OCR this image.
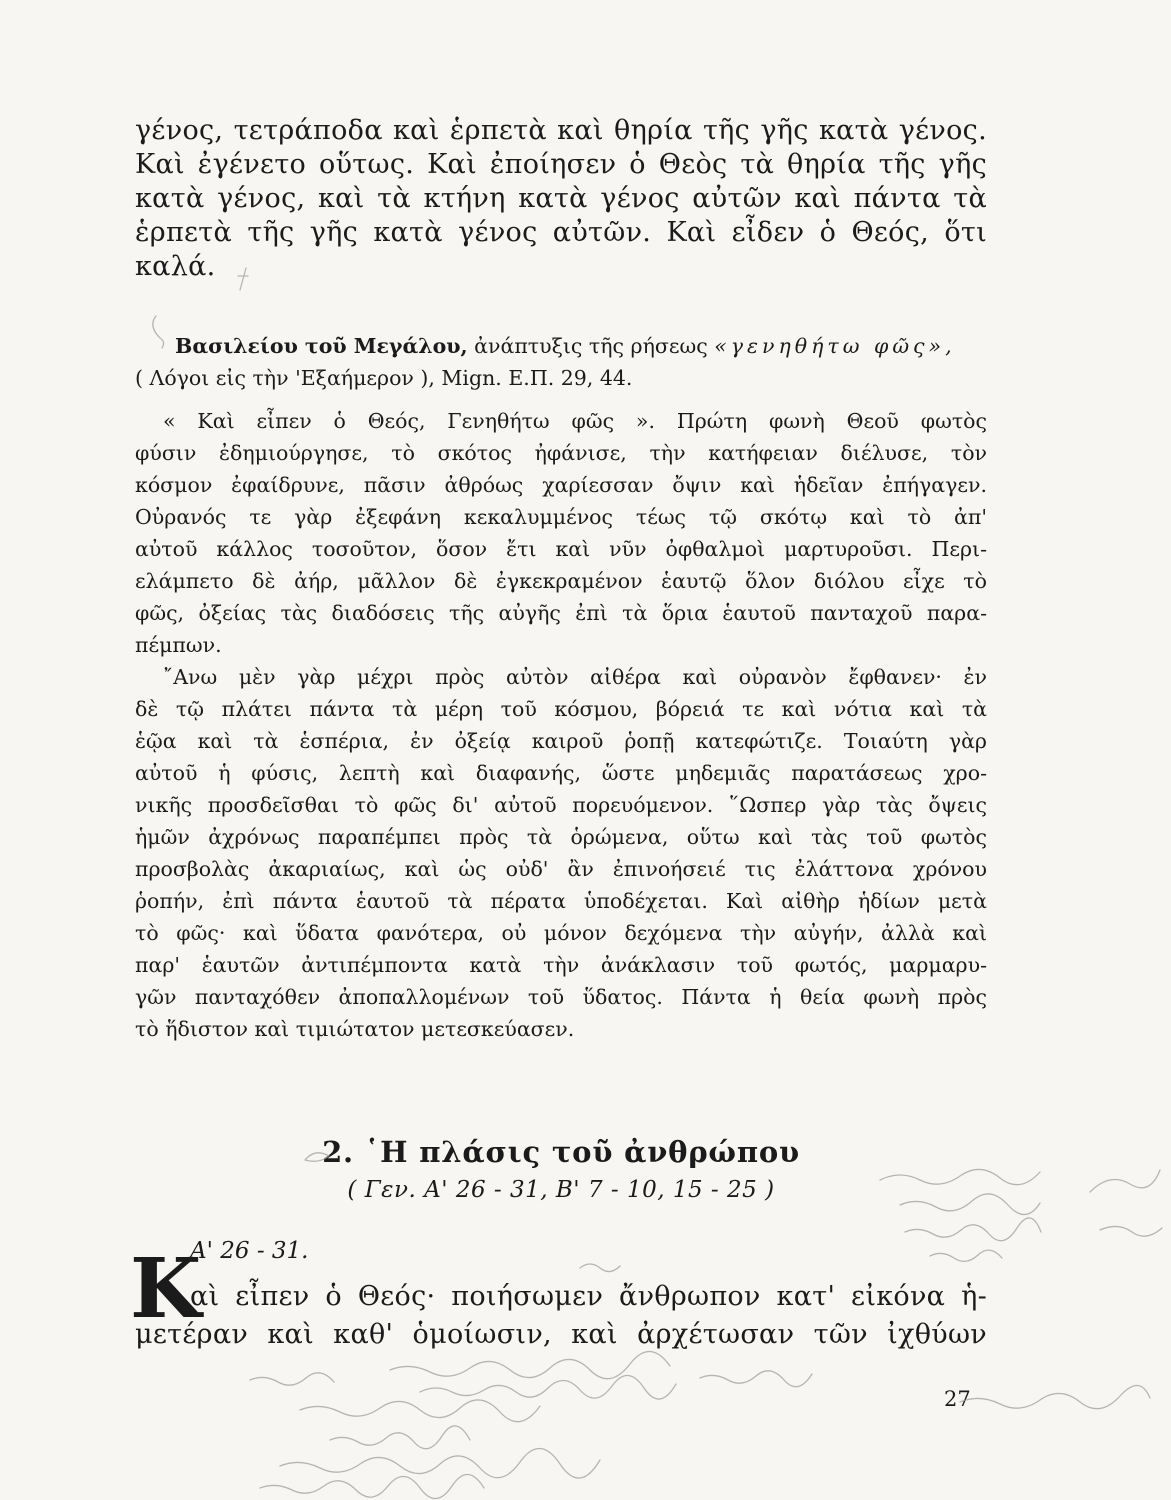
γένος, τετράποδα καὶ ἑρπετὰ καὶ θηρία τῆς γῆς κατὰ γένος.
Καὶ ἐγένετο οὕτως. Καὶ ἐποίησεν ὁ Θεὸς τὰ θηρία τῆς γῆς
κατὰ γένος, καὶ τὰ κτήνη κατὰ γένος αὐτῶν καὶ πάντα τὰ
ἑρπετὰ τῆς γῆς κατὰ γένος αὐτῶν. Καὶ εἶδεν ὁ Θεός, ὅτι
καλά.

Βασιλείου τοῦ Μεγάλου, ἀνάπτυξις τῆς ρήσεως «γενηθήτω φῶς»,
( Λόγοι εἰς τὴν 'Εξαήμερον ), Mign. E.Π. 29, 44.

« Καὶ εἶπεν ὁ Θεός, Γενηθήτω φῶς ». Πρώτη φωνὴ Θεοῦ φωτὸς
φύσιν ἐδημιούργησε, τὸ σκότος ἠφάνισε, τὴν κατήφειαν διέλυσε, τὸν
κόσμον ἐφαίδρυνε, πᾶσιν ἀθρόως χαρίεσσαν ὄψιν καὶ ἡδεῖαν ἐπήγαγεν.
Οὐρανός τε γὰρ ἐξεφάνη κεκαλυμμένος τέως τῷ σκότῳ καὶ τὸ ἀπ'
αὐτοῦ κάλλος τοσοῦτον, ὅσον ἔτι καὶ νῦν ὀφθαλμοὶ μαρτυροῦσι. Περι-
ελάμπετο δὲ ἀήρ, μᾶλλον δὲ ἐγκεκραμένον ἑαυτῷ ὅλον διόλου εἶχε τὸ
φῶς, ὀξείας τὰς διαδόσεις τῆς αὐγῆς ἐπὶ τὰ ὅρια ἑαυτοῦ πανταχοῦ παρα-
πέμπων.
῎Ανω μὲν γὰρ μέχρι πρὸς αὐτὸν αἰθέρα καὶ οὐρανὸν ἔφθανεν· ἐν
δὲ τῷ πλάτει πάντα τὰ μέρη τοῦ κόσμου, βόρειά τε καὶ νότια καὶ τὰ
ἑῷα καὶ τὰ ἑσπέρια, ἐν ὀξείᾳ καιροῦ ῥοπῇ κατεφώτιζε. Τοιαύτη γὰρ
αὐτοῦ ἡ φύσις, λεπτὴ καὶ διαφανής, ὥστε μηδεμιᾶς παρατάσεως χρο-
νικῆς προσδεῖσθαι τὸ φῶς δι' αὐτοῦ πορευόμενον. ῞Ωσπερ γὰρ τὰς ὄψεις
ἡμῶν ἀχρόνως παραπέμπει πρὸς τὰ ὁρώμενα, οὕτω καὶ τὰς τοῦ φωτὸς
προσβολὰς ἀκαριαίως, καὶ ὡς οὐδ' ἂν ἐπινοήσειέ τις ἐλάττονα χρόνου
ῥοπήν, ἐπὶ πάντα ἑαυτοῦ τὰ πέρατα ὑποδέχεται. Καὶ αἰθὴρ ἡδίων μετὰ
τὸ φῶς· καὶ ὕδατα φανότερα, οὐ μόνον δεχόμενα τὴν αὐγήν, ἀλλὰ καὶ
παρ' ἑαυτῶν ἀντιπέμποντα κατὰ τὴν ἀνάκλασιν τοῦ φωτός, μαρμαρυ-
γῶν πανταχόθεν ἀποπαλλομένων τοῦ ὕδατος. Πάντα ἡ θεία φωνὴ πρὸς
τὸ ἥδιστον καὶ τιμιώτατον μετεσκεύασεν.

2. ῾Η πλάσις τοῦ ἀνθρώπου
( Γεν. Α' 26 - 31, Β' 7 - 10, 15 - 25 )
Α' 26 - 31.
Κ
αὶ εἶπεν ὁ Θεός· ποιήσωμεν ἄνθρωπον κατ' εἰκόνα ἡ-
μετέραν καὶ καθ' ὁμοίωσιν, καὶ ἀρχέτωσαν τῶν ἰχθύων
27
